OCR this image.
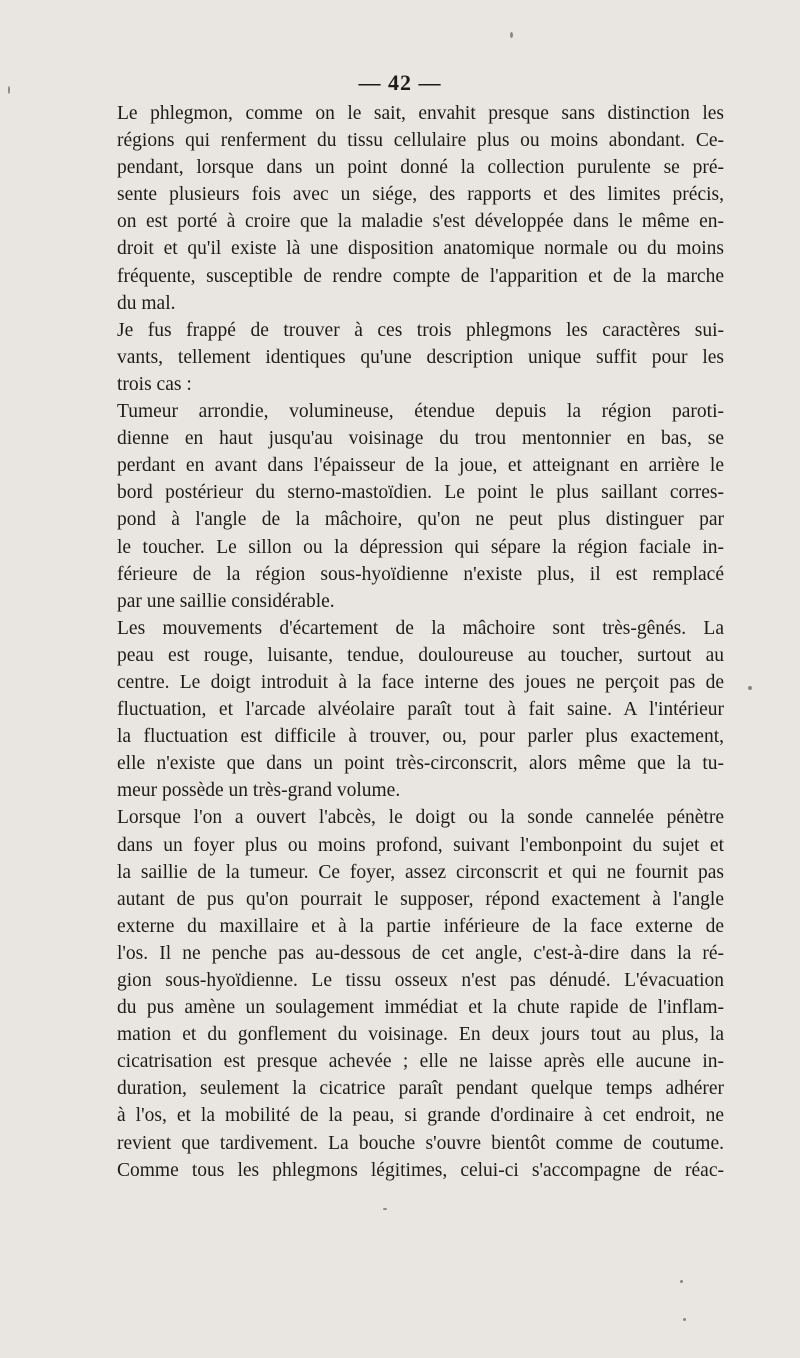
— 42 —
Le phlegmon, comme on le sait, envahit presque sans distinction les
régions qui renferment du tissu cellulaire plus ou moins abondant. Ce-
pendant, lorsque dans un point donné la collection purulente se pré-
sente plusieurs fois avec un siége, des rapports et des limites précis,
on est porté à croire que la maladie s'est développée dans le même en-
droit et qu'il existe là une disposition anatomique normale ou du moins
fréquente, susceptible de rendre compte de l'apparition et de la marche
du mal.
Je fus frappé de trouver à ces trois phlegmons les caractères sui-
vants, tellement identiques qu'une description unique suffit pour les
trois cas :
Tumeur arrondie, volumineuse, étendue depuis la région paroti-
dienne en haut jusqu'au voisinage du trou mentonnier en bas, se
perdant en avant dans l'épaisseur de la joue, et atteignant en arrière le
bord postérieur du sterno-mastoïdien. Le point le plus saillant corres-
pond à l'angle de la mâchoire, qu'on ne peut plus distinguer par
le toucher. Le sillon ou la dépression qui sépare la région faciale in-
férieure de la région sous-hyoïdienne n'existe plus, il est remplacé
par une saillie considérable.
Les mouvements d'écartement de la mâchoire sont très-gênés. La
peau est rouge, luisante, tendue, douloureuse au toucher, surtout au
centre. Le doigt introduit à la face interne des joues ne perçoit pas de
fluctuation, et l'arcade alvéolaire paraît tout à fait saine. A l'intérieur
la fluctuation est difficile à trouver, ou, pour parler plus exactement,
elle n'existe que dans un point très-circonscrit, alors même que la tu-
meur possède un très-grand volume.
Lorsque l'on a ouvert l'abcès, le doigt ou la sonde cannelée pénètre
dans un foyer plus ou moins profond, suivant l'embonpoint du sujet et
la saillie de la tumeur. Ce foyer, assez circonscrit et qui ne fournit pas
autant de pus qu'on pourrait le supposer, répond exactement à l'angle
externe du maxillaire et à la partie inférieure de la face externe de
l'os. Il ne penche pas au-dessous de cet angle, c'est-à-dire dans la ré-
gion sous-hyoïdienne. Le tissu osseux n'est pas dénudé. L'évacuation
du pus amène un soulagement immédiat et la chute rapide de l'inflam-
mation et du gonflement du voisinage. En deux jours tout au plus, la
cicatrisation est presque achevée ; elle ne laisse après elle aucune in-
duration, seulement la cicatrice paraît pendant quelque temps adhérer
à l'os, et la mobilité de la peau, si grande d'ordinaire à cet endroit, ne
revient que tardivement. La bouche s'ouvre bientôt comme de coutume.
Comme tous les phlegmons légitimes, celui-ci s'accompagne de réac-
